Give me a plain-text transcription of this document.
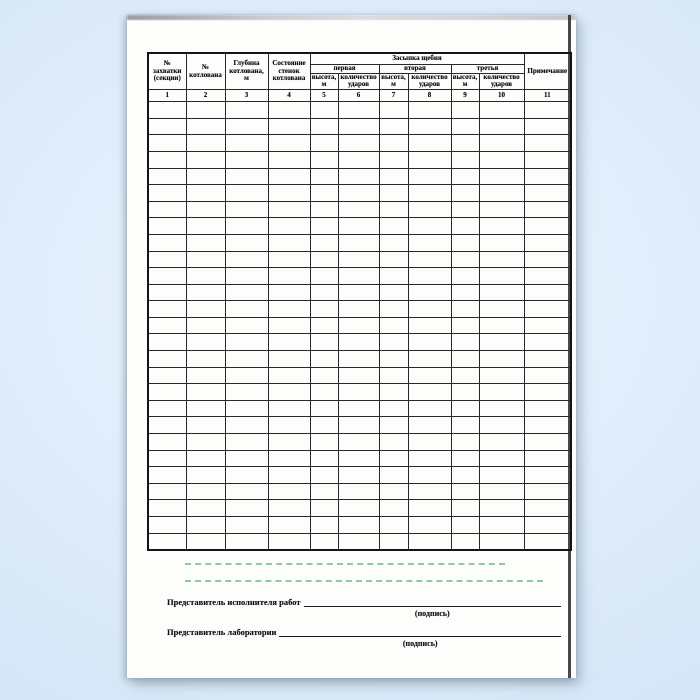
№ захватки (секции)	№ котлована	Глубина котлована, м	Состояние стенок котлована	Засыпка щебня						Примечание
				первая		вторая		третья		
				высота, м	количество ударов	высота, м	количество ударов	высота, м	количество ударов	
1	2	3	4	5	6	7	8	9	10	11

Представитель исполнителя работ
(подпись)
Представитель лаборатории
(подпись)
